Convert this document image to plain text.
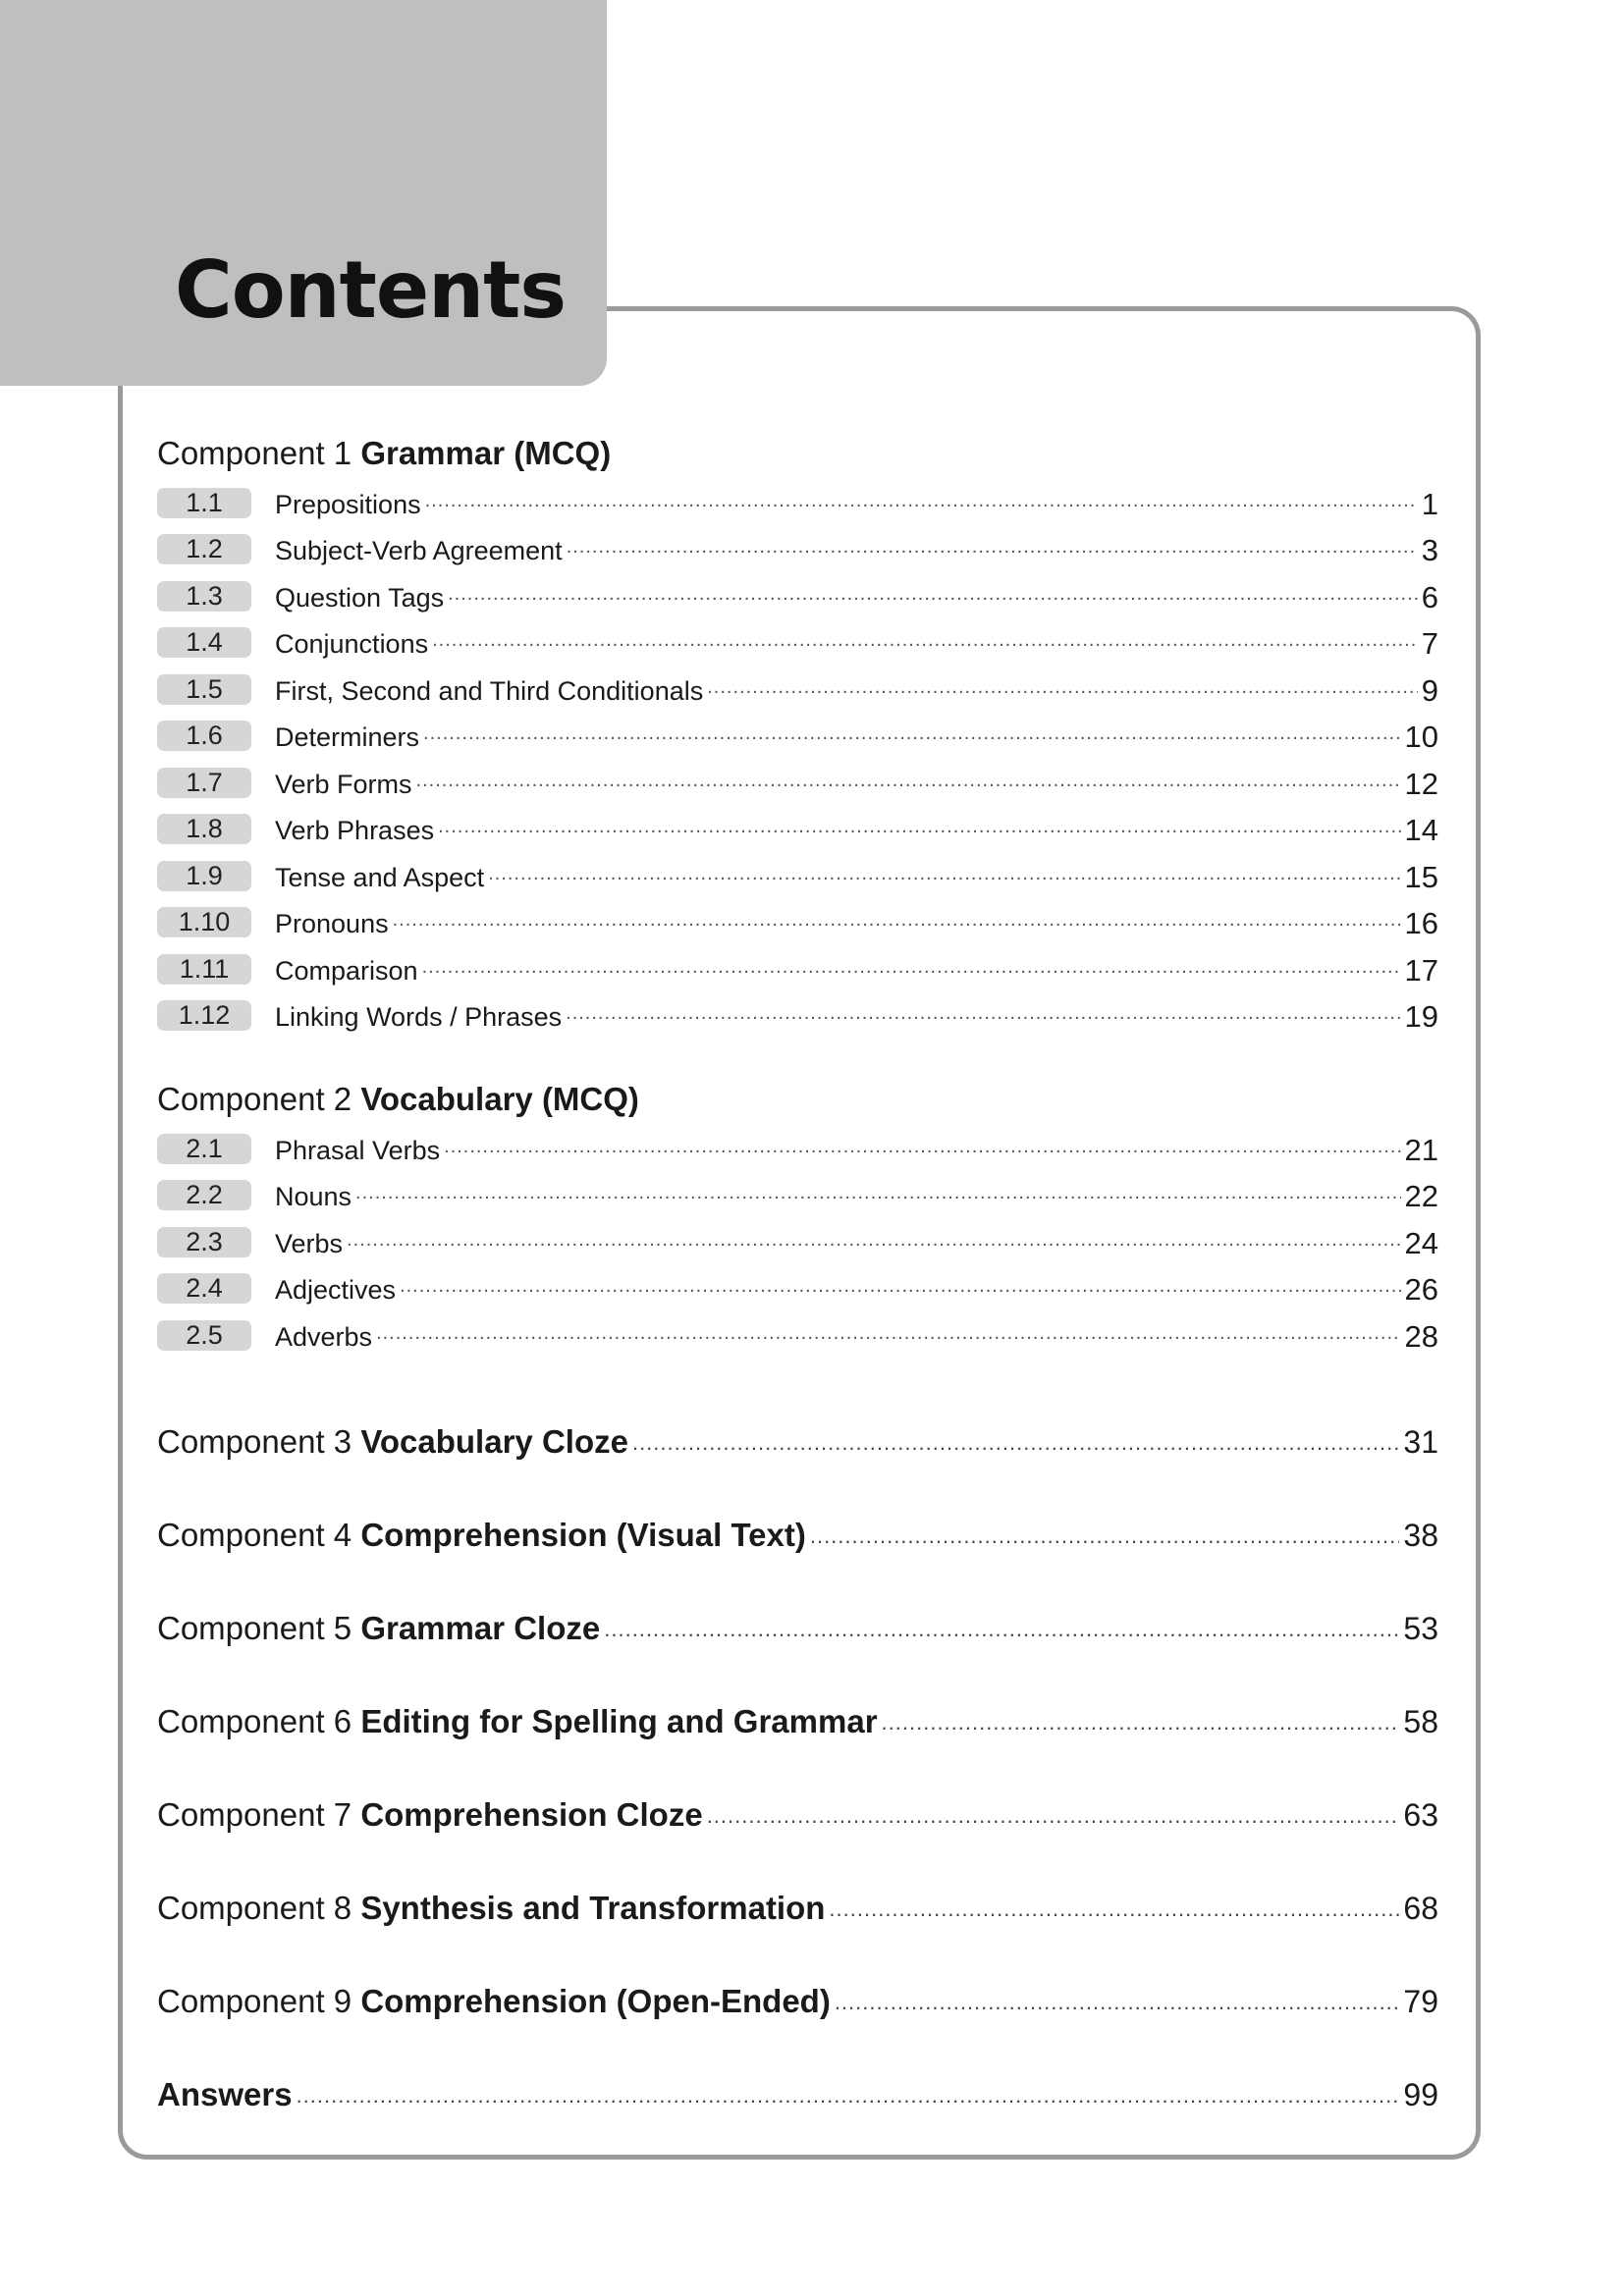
Contents
Component 1 Grammar (MCQ)
1.1	Prepositions .....	1
1.2	Subject-Verb Agreement .....	3
1.3	Question Tags .....	6
1.4	Conjunctions .....	7
1.5	First, Second and Third Conditionals .....	9
1.6	Determiners .....	10
1.7	Verb Forms .....	12
1.8	Verb Phrases .....	14
1.9	Tense and Aspect .....	15
1.10	Pronouns .....	16
1.11	Comparison .....	17
1.12	Linking Words / Phrases .....	19
Component 2 Vocabulary (MCQ)
2.1	Phrasal Verbs .....	21
2.2	Nouns .....	22
2.3	Verbs .....	24
2.4	Adjectives .....	26
2.5	Adverbs .....	28
Component 3 Vocabulary Cloze .....	31
Component 4 Comprehension (Visual Text) .....	38
Component 5 Grammar Cloze .....	53
Component 6 Editing for Spelling and Grammar .....	58
Component 7 Comprehension Cloze .....	63
Component 8 Synthesis and Transformation .....	68
Component 9 Comprehension (Open-Ended) .....	79
Answers .....	99
